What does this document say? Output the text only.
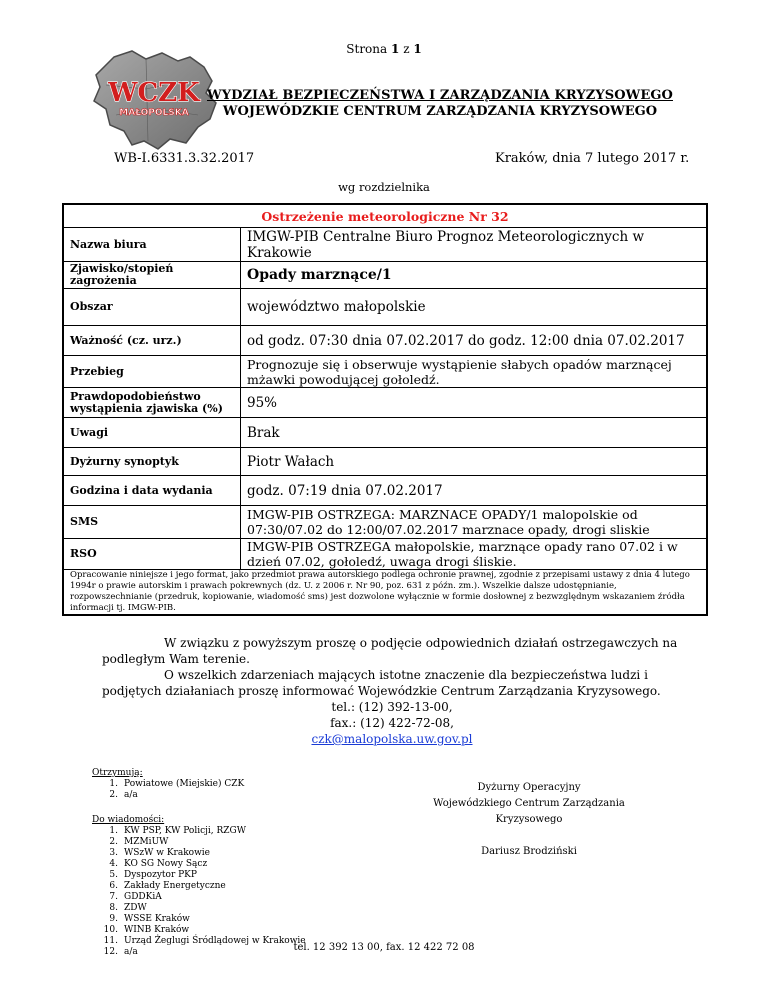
Strona 1 z 1
WCZK
MAŁOPOLSKA
WYDZIAŁ BEZPIECZEŃSTWA I ZARZĄDZANIA KRYZYSOWEGO
WOJEWÓDZKIE CENTRUM ZARZĄDZANIA KRYZYSOWEGO
WB-I.6331.3.32.2017	Kraków, dnia 7 lutego 2017 r.
wg rozdzielnika
Ostrzeżenie meteorologiczne Nr 32	
Nazwa biura	IMGW-PIB Centralne Biuro Prognoz Meteorologicznych w Krakowie
Zjawisko/stopień zagrożenia	Opady marznące/1
Obszar	województwo małopolskie
Ważność (cz. urz.)	od godz. 07:30 dnia 07.02.2017 do godz. 12:00 dnia 07.02.2017
Przebieg	Prognozuje się i obserwuje wystąpienie słabych opadów marznącej mżawki powodującej gołoledź.
Prawdopodobieństwo wystąpienia zjawiska (%)	95%
Uwagi	Brak
Dyżurny synoptyk	Piotr Wałach
Godzina i data wydania	godz. 07:19 dnia 07.02.2017
SMS	IMGW-PIB OSTRZEGA: MARZNACE OPADY/1 malopolskie od 07:30/07.02 do 12:00/07.02.2017 marznace opady, drogi sliskie
RSO	IMGW-PIB OSTRZEGA małopolskie, marznące opady rano 07.02 i w dzień 07.02, gołoledź, uwaga drogi śliskie.
Opracowanie niniejsze i jego format, jako przedmiot prawa autorskiego podlega ochronie prawnej, zgodnie z przepisami ustawy z dnia 4 lutego 1994r o prawie autorskim i prawach pokrewnych (dz. U. z 2006 r. Nr 90, poz. 631 z późn. zm.). Wszelkie dalsze udostępnianie, rozpowszechnianie (przedruk, kopiowanie, wiadomość sms) jest dozwolone wyłącznie w formie dosłownej z bezwzględnym wskazaniem źródła informacji tj. IMGW-PIB.	

W związku z powyższym proszę o podjęcie odpowiednich działań ostrzegawczych na podległym Wam terenie.

O wszelkich zdarzeniach mających istotne znaczenie dla bezpieczeństwa ludzi i podjętych działaniach proszę informować Wojewódzkie Centrum Zarządzania Kryzysowego.

tel.: (12) 392-13-00,

fax.: (12) 422-72-08,

czk@malopolska.uw.gov.pl

Otrzymują:
1. Powiatowe (Miejskie) CZK
2. a/a
Do wiadomości:
1. KW PSP, KW Policji, RZGW
2. MZMiUW
3. WSzW w Krakowie
4. KO SG Nowy Sącz
5. Dyspozytor PKP
6. Zakłady Energetyczne
7. GDDKiA
8. ZDW
9. WSSE Kraków
10. WINB Kraków
11. Urząd Żeglugi Śródlądowej w Krakowie
12. a/a
Dyżurny Operacyjny
Wojewódzkiego Centrum Zarządzania
Kryzysowego
Dariusz Brodziński
tel. 12 392 13 00, fax. 12 422 72 08
